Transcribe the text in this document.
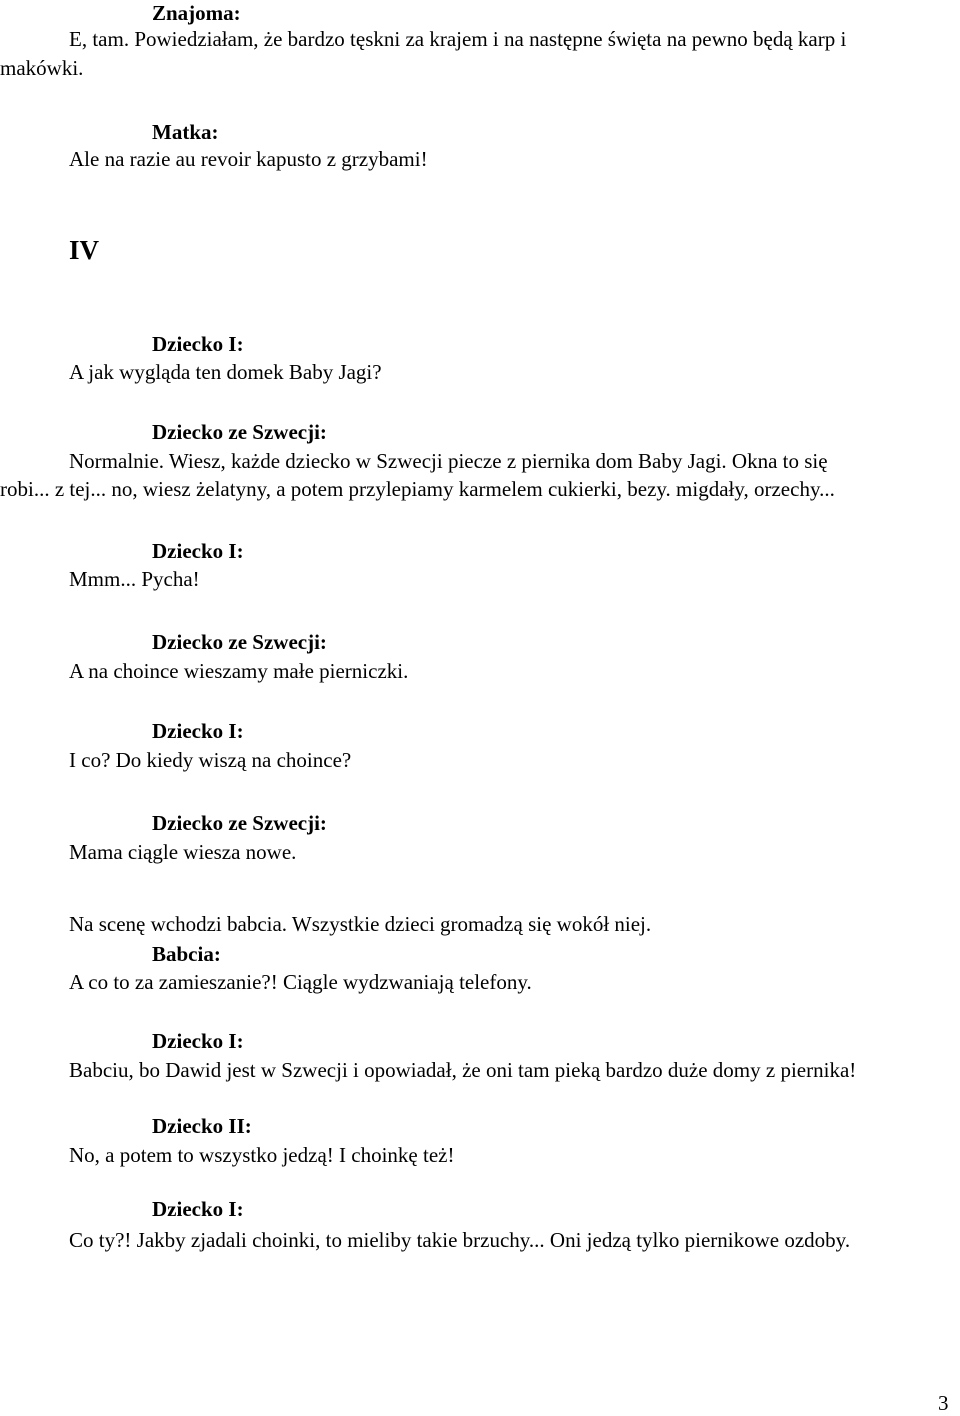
Znajoma:
E, tam. Powiedziałam, że bardzo tęskni za krajem i na następne święta na pewno będą karp i
makówki.
Matka:
Ale na razie au revoir kapusto z grzybami!
IV
Dziecko I:
A jak wygląda ten domek Baby Jagi?
Dziecko ze Szwecji:
Normalnie. Wiesz, każde dziecko w Szwecji piecze z piernika dom Baby Jagi. Okna to się
robi... z tej... no, wiesz żelatyny, a potem przylepiamy karmelem cukierki, bezy. migdały, orzechy...
Dziecko I:
Mmm... Pycha!
Dziecko ze Szwecji:
A na choince wieszamy małe pierniczki.
Dziecko I:
I co? Do kiedy wiszą na choince?
Dziecko ze Szwecji:
Mama ciągle wiesza nowe.
Na scenę wchodzi babcia. Wszystkie dzieci gromadzą się wokół niej.
Babcia:
A co to za zamieszanie?! Ciągle wydzwaniają telefony.
Dziecko I:
Babciu, bo Dawid jest w Szwecji i opowiadał, że oni tam pieką bardzo duże domy z piernika!
Dziecko II:
No, a potem to wszystko jedzą! I choinkę też!
Dziecko I:
Co ty?! Jakby zjadali choinki, to mieliby takie brzuchy... Oni jedzą tylko piernikowe ozdoby.
3
